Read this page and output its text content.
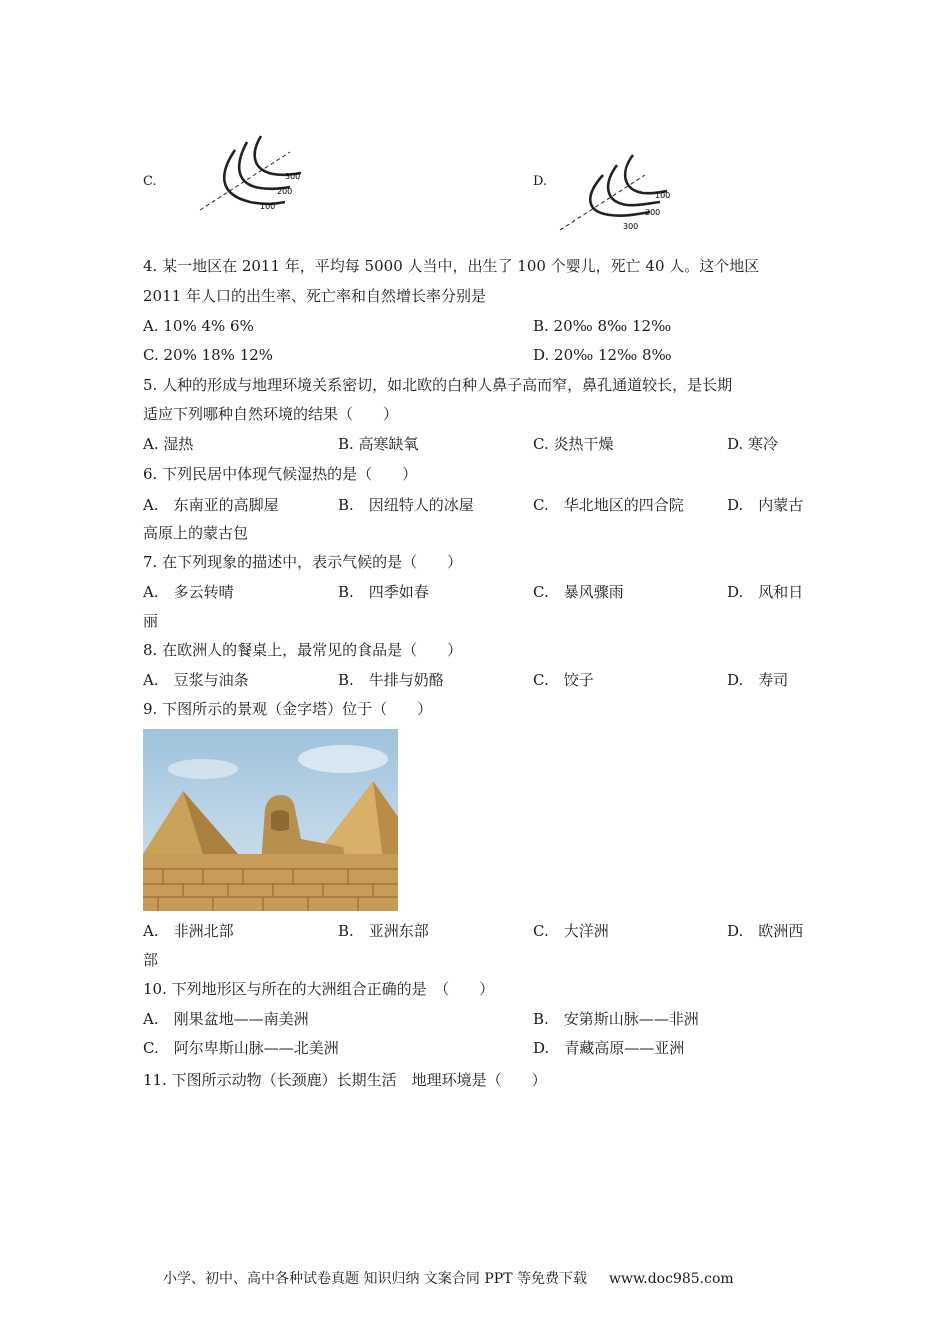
C.	300
200
100
D.
100
200
300
4. 某一地区在 2011 年，平均每 5000 人当中，出生了 100 个婴儿，死亡 40 人。这个地区
2011 年人口的出生率、死亡率和自然增长率分别是
A. 10% 4% 6%	B. 20‰ 8‰ 12‰
C. 20% 18% 12%	D. 20‰ 12‰ 8‰
5. 人种的形成与地理环境关系密切，如北欧的白种人鼻子高而窄，鼻孔通道较长，是长期
适应下列哪种自然环境的结果（　　）
A. 湿热	B. 高寒缺氧	C. 炎热干燥	D. 寒冷
6. 下列民居中体现气候湿热的是（　　）
A.　东南亚的高脚屋	B.　因纽特人的冰屋	C.　华北地区的四合院	D.　内蒙古
高原上的蒙古包
7. 在下列现象的描述中，表示气候的是（　　）
A.　多云转晴	B.　四季如春	C.　暴风骤雨	D.　风和日
丽
8. 在欧洲人的餐桌上，最常见的食品是（　　）
A.　豆浆与油条	B.　牛排与奶酪	C.　饺子	D.　寿司
9. 下图所示的景观（金字塔）位于（　　）
A.　非洲北部	B.　亚洲东部	C.　大洋洲	D.　欧洲西
部
10. 下列地形区与所在的大洲组合正确的是　（　　）
A.　刚果盆地——南美洲	B.　安第斯山脉——非洲
C.　阿尔卑斯山脉——北美洲	D.　青藏高原——亚洲
11. 下图所示动物（长颈鹿）长期生活　地理环境是（　　）
小学、初中、高中各种试卷真题 知识归纳 文案合同 PPT 等免费下载 www.doc985.com
